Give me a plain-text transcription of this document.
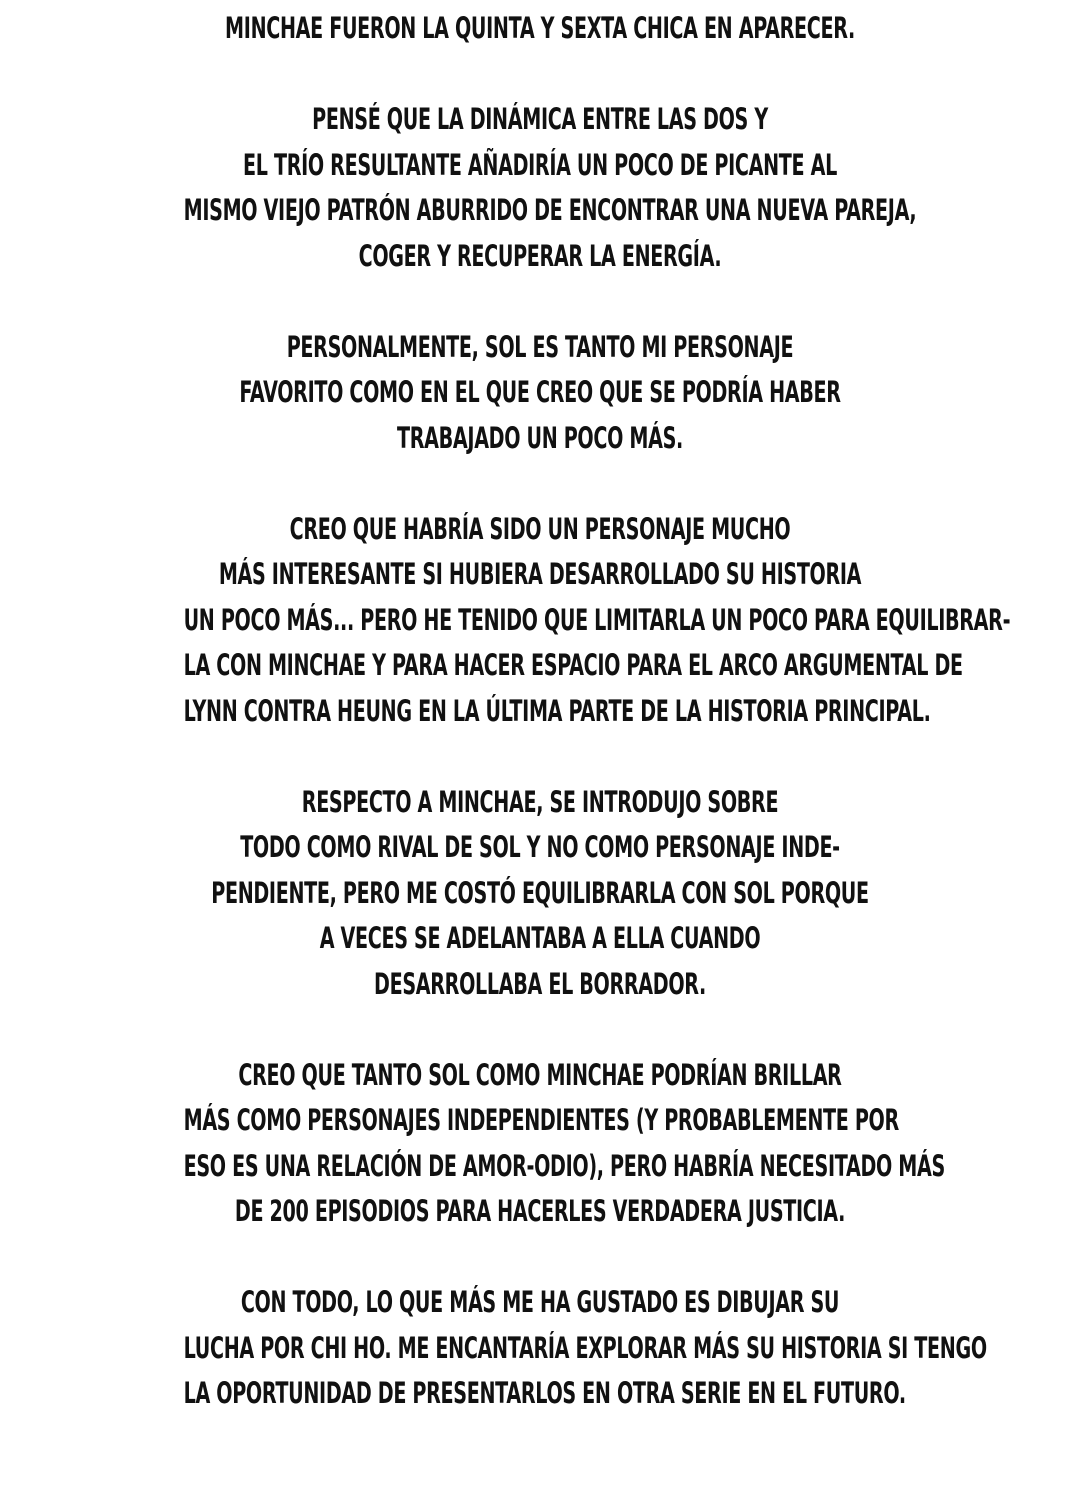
MINCHAE FUERON LA QUINTA Y SEXTA CHICA EN APARECER.

PENSÉ QUE LA DINÁMICA ENTRE LAS DOS Y
EL TRÍO RESULTANTE AÑADIRÍA UN POCO DE PICANTE AL
MISMO VIEJO PATRÓN ABURRIDO DE ENCONTRAR UNA NUEVA PAREJA,
COGER Y RECUPERAR LA ENERGÍA.

PERSONALMENTE, SOL ES TANTO MI PERSONAJE
FAVORITO COMO EN EL QUE CREO QUE SE PODRÍA HABER
TRABAJADO UN POCO MÁS.

CREO QUE HABRÍA SIDO UN PERSONAJE MUCHO
MÁS INTERESANTE SI HUBIERA DESARROLLADO SU HISTORIA
UN POCO MÁS... PERO HE TENIDO QUE LIMITARLA UN POCO PARA EQUILIBRAR-
LA CON MINCHAE Y PARA HACER ESPACIO PARA EL ARCO ARGUMENTAL DE
LYNN CONTRA HEUNG EN LA ÚLTIMA PARTE DE LA HISTORIA PRINCIPAL.

RESPECTO A MINCHAE, SE INTRODUJO SOBRE
TODO COMO RIVAL DE SOL Y NO COMO PERSONAJE INDE-
PENDIENTE, PERO ME COSTÓ EQUILIBRARLA CON SOL PORQUE
A VECES SE ADELANTABA A ELLA CUANDO
DESARROLLABA EL BORRADOR.

CREO QUE TANTO SOL COMO MINCHAE PODRÍAN BRILLAR
MÁS COMO PERSONAJES INDEPENDIENTES (Y PROBABLEMENTE POR
ESO ES UNA RELACIÓN DE AMOR-ODIO), PERO HABRÍA NECESITADO MÁS
DE 200 EPISODIOS PARA HACERLES VERDADERA JUSTICIA.

CON TODO, LO QUE MÁS ME HA GUSTADO ES DIBUJAR SU
LUCHA POR CHI HO. ME ENCANTARÍA EXPLORAR MÁS SU HISTORIA SI TENGO
LA OPORTUNIDAD DE PRESENTARLOS EN OTRA SERIE EN EL FUTURO.
